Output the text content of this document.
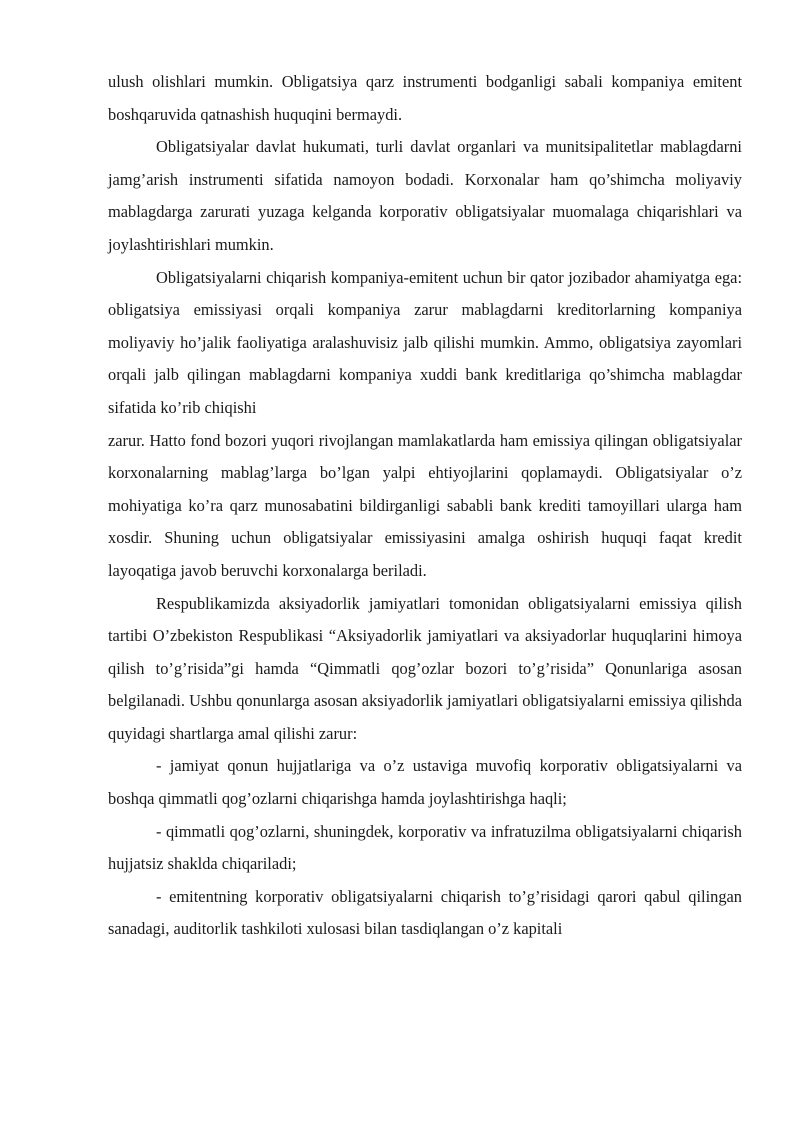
ulush olishlari mumkin. Obligatsiya qarz instrumenti bodganligi sabali kompaniya emitent boshqaruvida qatnashish huquqini bermaydi.

Obligatsiyalar davlat hukumati, turli davlat organlari va munitsipalitetlar mablagdarni jamg’arish instrumenti sifatida namoyon bodadi. Korxonalar ham qo’shimcha moliyaviy mablagdarga zarurati yuzaga kelganda korporativ obligatsiyalar muomalaga chiqarishlari va joylashtirishlari mumkin.

Obligatsiyalarni chiqarish kompaniya-emitent uchun bir qator jozibador ahamiyatga ega: obligatsiya emissiyasi orqali kompaniya zarur mablagdarni kreditorlarning kompaniya moliyaviy ho’jalik faoliyatiga aralashuvisiz jalb qilishi mumkin. Ammo, obligatsiya zayomlari orqali jalb qilingan mablagdarni kompaniya xuddi bank kreditlariga qo’shimcha mablagdar sifatida ko’rib chiqishi

zarur. Hatto fond bozori yuqori rivojlangan mamlakatlarda ham emissiya qilingan obligatsiyalar korxonalarning mablag’larga bo’lgan yalpi ehtiyojlarini qoplamaydi. Obligatsiyalar o’z mohiyatiga ko’ra qarz munosabatini bildirganligi sababli bank krediti tamoyillari ularga ham xosdir. Shuning uchun obligatsiyalar emissiyasini amalga oshirish huquqi faqat kredit layoqatiga javob beruvchi korxonalarga beriladi.

Respublikamizda aksiyadorlik jamiyatlari tomonidan obligatsiyalarni emissiya qilish tartibi O’zbekiston Respublikasi “Aksiyadorlik jamiyatlari va aksiyadorlar huquqlarini himoya qilish to’g’risida”gi hamda “Qimmatli qog’ozlar bozori to’g’risida” Qonunlariga asosan belgilanadi. Ushbu qonunlarga asosan aksiyadorlik jamiyatlari obligatsiyalarni emissiya qilishda quyidagi shartlarga amal qilishi zarur:

- jamiyat qonun hujjatlariga va o’z ustaviga muvofiq korporativ obligatsiyalarni va boshqa qimmatli qog’ozlarni chiqarishga hamda joylashtirishga haqli;

- qimmatli qog’ozlarni, shuningdek, korporativ va infratuzilma obligatsiyalarni chiqarish hujjatsiz shaklda chiqariladi;

- emitentning korporativ obligatsiyalarni chiqarish to’g’risidagi qarori qabul qilingan sanadagi, auditorlik tashkiloti xulosasi bilan tasdiqlangan o’z kapitali
